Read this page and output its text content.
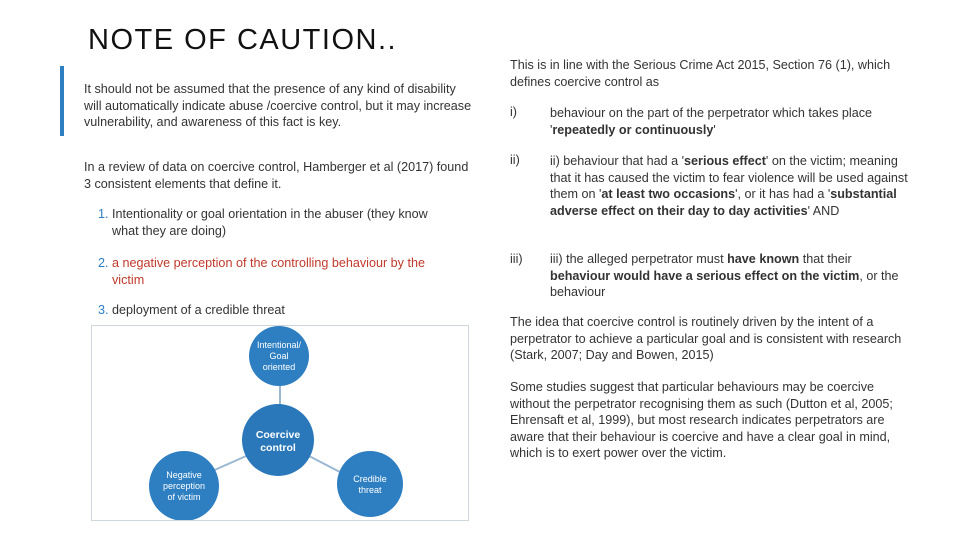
NOTE OF CAUTION..

It should not be assumed that the presence of any kind of disability will automatically indicate abuse /coercive control, but it may increase vulnerability, and awareness of this fact is key.

In a review of data on coercive control, Hamberger et al (2017) found 3 consistent elements that define it.

1. Intentionality or goal orientation in the abuser (they know
what they are doing)
2. a negative perception of the controlling behaviour by the
victim
3. deployment of a credible threat
Intentional/
Goal
oriented
Coercive
control
Negative
perception
of victim
Credible
threat

This is in line with the Serious Crime Act 2015, Section 76 (1), which defines coercive control as

i)	behaviour on the part of the perpetrator which takes place 'repeatedly or continuously'

ii) ii) behaviour that had a 'serious effect' on the victim; meaning that it has caused the victim to fear violence will be used against them on 'at least two occasions', or it has had a 'substantial adverse effect on their day to day activities' AND

iii) iii) the alleged perpetrator must have known that their behaviour would have a serious effect on the victim, or the behaviour

The idea that coercive control is routinely driven by the intent of a perpetrator to achieve a particular goal and is consistent with research (Stark, 2007; Day and Bowen, 2015)

Some studies suggest that particular behaviours may be coercive without the perpetrator recognising them as such (Dutton et al, 2005; Ehrensaft et al, 1999), but most research indicates perpetrators are aware that their behaviour is coercive and have a clear goal in mind, which is to exert power over the victim.
